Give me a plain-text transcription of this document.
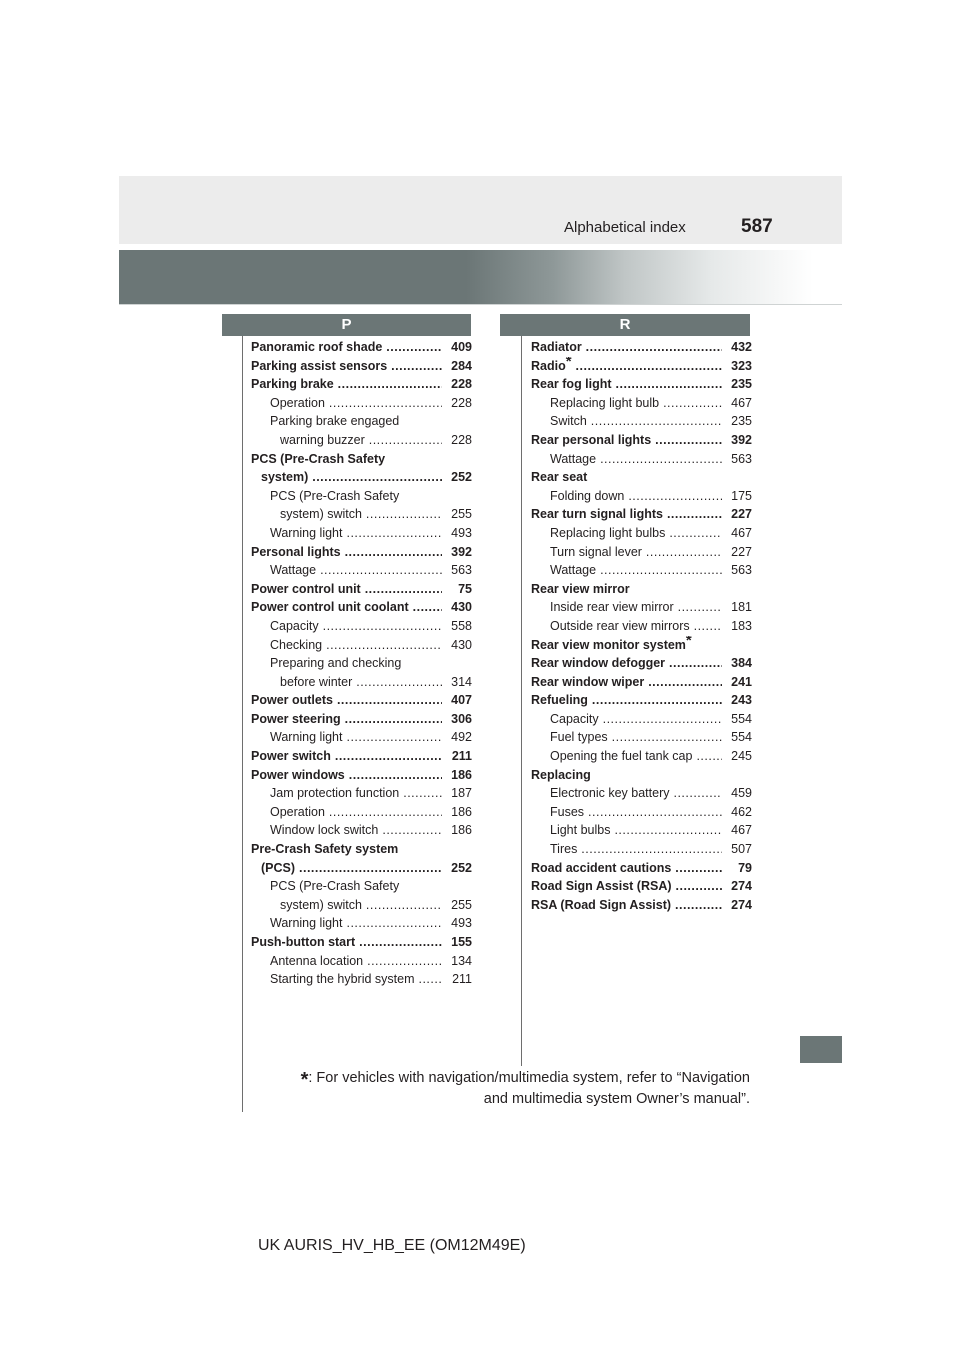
Alphabetical index	587
P	R
Panoramic roof shade .....	409
Parking assist sensors .....	284
Parking brake .....	228
Operation .....	228
Parking brake engaged
warning buzzer .....	228
PCS (Pre-Crash Safety
system) .....	252
PCS (Pre-Crash Safety
system) switch .....	255
Warning light .....	493
Personal lights .....	392
Wattage .....	563
Power control unit .....	75
Power control unit coolant .....	430
Capacity .....	558
Checking .....	430
Preparing and checking
before winter .....	314
Power outlets .....	407
Power steering .....	306
Warning light .....	492
Power switch .....	211
Power windows .....	186
Jam protection function .....	187
Operation .....	186
Window lock switch .....	186
Pre-Crash Safety system
(PCS) .....	252
PCS (Pre-Crash Safety
system) switch .....	255
Warning light .....	493
Push-button start .....	155
Antenna location .....	134
Starting the hybrid system .....	211
Radiator .....	432
Radio* .....	323
Rear fog light .....	235
Replacing light bulb .....	467
Switch .....	235
Rear personal lights .....	392
Wattage .....	563
Rear seat
Folding down .....	175
Rear turn signal lights .....	227
Replacing light bulbs .....	467
Turn signal lever .....	227
Wattage .....	563
Rear view mirror
Inside rear view mirror .....	181
Outside rear view mirrors .....	183
Rear view monitor system*
Rear window defogger .....	384
Rear window wiper .....	241
Refueling .....	243
Capacity .....	554
Fuel types .....	554
Opening the fuel tank cap .....	245
Replacing
Electronic key battery .....	459
Fuses .....	462
Light bulbs .....	467
Tires .....	507
Road accident cautions .....	79
Road Sign Assist (RSA) .....	274
RSA (Road Sign Assist) .....	274
*: For vehicles with navigation/multimedia system, refer to “Navigation
and multimedia system Owner’s manual”.
UK AURIS_HV_HB_EE (OM12M49E)
